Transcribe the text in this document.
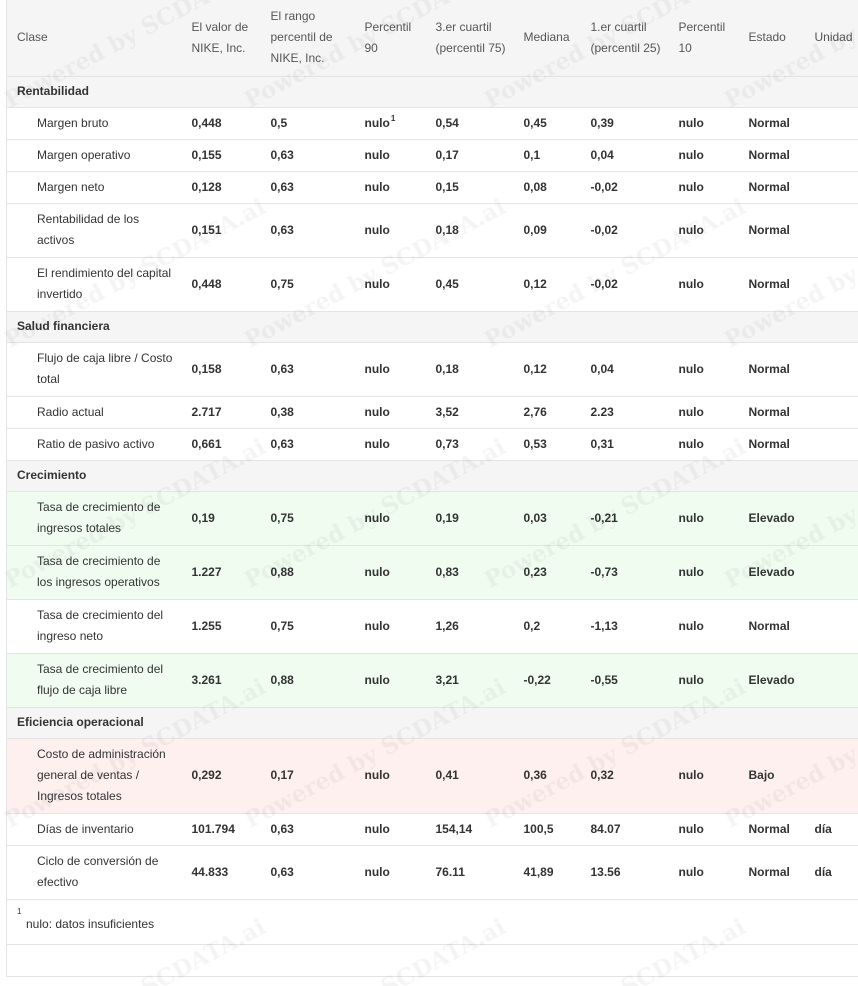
Clase	El valor de NIKE, Inc.	El rango percentil de NIKE, Inc.	Percentil 90	3.er cuartil (percentil 75)	Mediana	1.er cuartil (percentil 25)	Percentil 10	Estado	Unidad
Rentabilidad									
Margen bruto	0,448	0,5	nulo$^1$	0,54	0,45	0,39	nulo	Normal	
Margen operativo	0,155	0,63	nulo	0,17	0,1	0,04	nulo	Normal	
Margen neto	0,128	0,63	nulo	0,15	0,08	-0,02	nulo	Normal	
Rentabilidad de los activos	0,151	0,63	nulo	0,18	0,09	-0,02	nulo	Normal	
El rendimiento del capital invertido	0,448	0,75	nulo	0,45	0,12	-0,02	nulo	Normal	
Salud financiera									
Flujo de caja libre / Costo total	0,158	0,63	nulo	0,18	0,12	0,04	nulo	Normal	
Radio actual	2.717	0,38	nulo	3,52	2,76	2.23	nulo	Normal	
Ratio de pasivo activo	0,661	0,63	nulo	0,73	0,53	0,31	nulo	Normal	
Crecimiento									
Tasa de crecimiento de ingresos totales	0,19	0,75	nulo	0,19	0,03	-0,21	nulo	Elevado	
Tasa de crecimiento de los ingresos operativos	1.227	0,88	nulo	0,83	0,23	-0,73	nulo	Elevado	
Tasa de crecimiento del ingreso neto	1.255	0,75	nulo	1,26	0,2	-1,13	nulo	Normal	
Tasa de crecimiento del flujo de caja libre	3.261	0,88	nulo	3,21	-0,22	-0,55	nulo	Elevado	
Eficiencia operacional									
Costo de administración general de ventas / Ingresos totales	0,292	0,17	nulo	0,41	0,36	0,32	nulo	Bajo	
Días de inventario	101.794	0,63	nulo	154,14	100,5	84.07	nulo	Normal	día
Ciclo de conversión de efectivo	44.833	0,63	nulo	76.11	41,89	13.56	nulo	Normal	día

1
nulo: datos insuficientes									
